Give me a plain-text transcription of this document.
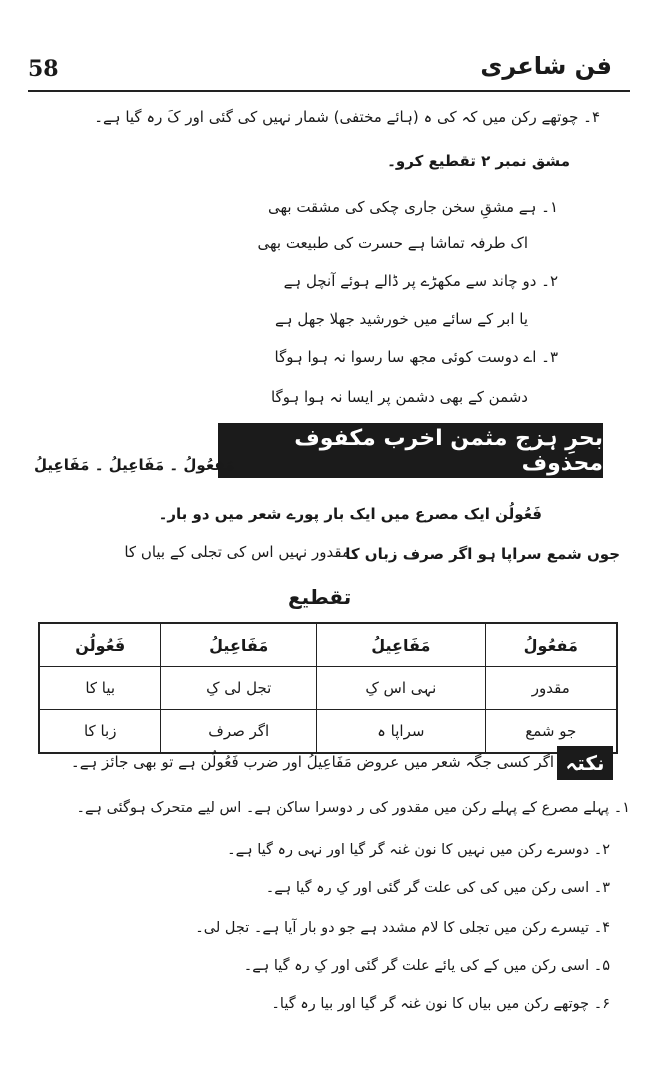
58	فن شاعری
۴۔ چوتھے رکن میں کہ کی ہ (ہائے مختفی) شمار نہیں کی گئی اور کَ رہ گیا ہے۔
مشق نمبر ۲ تقطیع کرو۔
۱۔ ہے مشقِ سخن جاری چکی کی مشقت بھی
اک طرفہ تماشا ہے حسرت کی طبیعت بھی
۲۔ دو چاند سے مکھڑے پر ڈالے ہوئے آنچل ہے
یا ابر کے سائے میں خورشید جھلا جھل ہے
۳۔ اے دوست کوئی مجھ سا رسوا نہ ہوا ہوگا
دشمن کے بھی دشمن پر ایسا نہ ہوا ہوگا
بحرِ ہزج مثمن اخرب مکفوف محذوف
مَفعُولُ ۔ مَفَاعِیلُ ۔ مَفَاعِیلُ
فَعُولُن ایک مصرع میں ایک بار پورے شعر میں دو بار۔
مقدور نہیں اس کی تجلی کے بیاں کا
جوں شمع سراپا ہو اگر صرف زباں کا
تقطیع
مَفعُولُ	مَفَاعِیلُ	مَفَاعِیلُ	فَعُولُن
مقدور	نہی اس کِ	تجل لی کِ	بیا کا
جو شمع	سراپا ہ	اگر صرف	زبا کا
نکتہ
اگر کسی جگہ شعر میں عروض مَفَاعِیلُ اور ضرب فَعُولُن ہے تو بھی جائز ہے۔
۱۔ پہلے مصرع کے پہلے رکن میں مقدور کی ر دوسرا ساکن ہے۔ اس لیے متحرک ہوگئی ہے۔
۲۔ دوسرے رکن میں نہیں کا نون غنہ گر گیا اور نہی رہ گیا ہے۔
۳۔ اسی رکن میں کی کی علت گر گئی اور کِ رہ گیا ہے۔
۴۔ تیسرے رکن میں تجلی کا لام مشدد ہے جو دو بار آیا ہے۔ تجل لی۔
۵۔ اسی رکن میں کے کی یائے علت گر گئی اور کِ رہ گیا ہے۔
۶۔ چوتھے رکن میں بیاں کا نون غنہ گر گیا اور بیا رہ گیا۔
